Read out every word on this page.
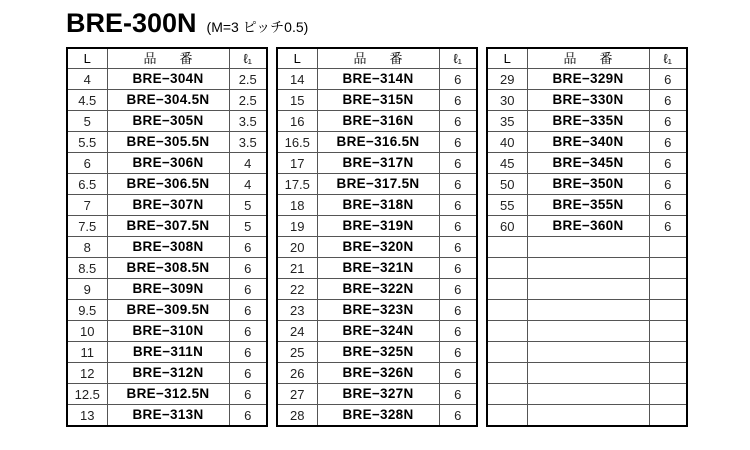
BRE-300N (M=3 ピッチ0.5)
L	品　番	ℓ₁
4	BRE−304N	2.5
4.5	BRE−304.5N	2.5
5	BRE−305N	3.5
5.5	BRE−305.5N	3.5
6	BRE−306N	4
6.5	BRE−306.5N	4
7	BRE−307N	5
7.5	BRE−307.5N	5
8	BRE−308N	6
8.5	BRE−308.5N	6
9	BRE−309N	6
9.5	BRE−309.5N	6
10	BRE−310N	6
11	BRE−311N	6
12	BRE−312N	6
12.5	BRE−312.5N	6
13	BRE−313N	6
L	品　番	ℓ₁
14	BRE−314N	6
15	BRE−315N	6
16	BRE−316N	6
16.5	BRE−316.5N	6
17	BRE−317N	6
17.5	BRE−317.5N	6
18	BRE−318N	6
19	BRE−319N	6
20	BRE−320N	6
21	BRE−321N	6
22	BRE−322N	6
23	BRE−323N	6
24	BRE−324N	6
25	BRE−325N	6
26	BRE−326N	6
27	BRE−327N	6
28	BRE−328N	6
L	品　番	ℓ₁
29	BRE−329N	6
30	BRE−330N	6
35	BRE−335N	6
40	BRE−340N	6
45	BRE−345N	6
50	BRE−350N	6
55	BRE−355N	6
60	BRE−360N	6
